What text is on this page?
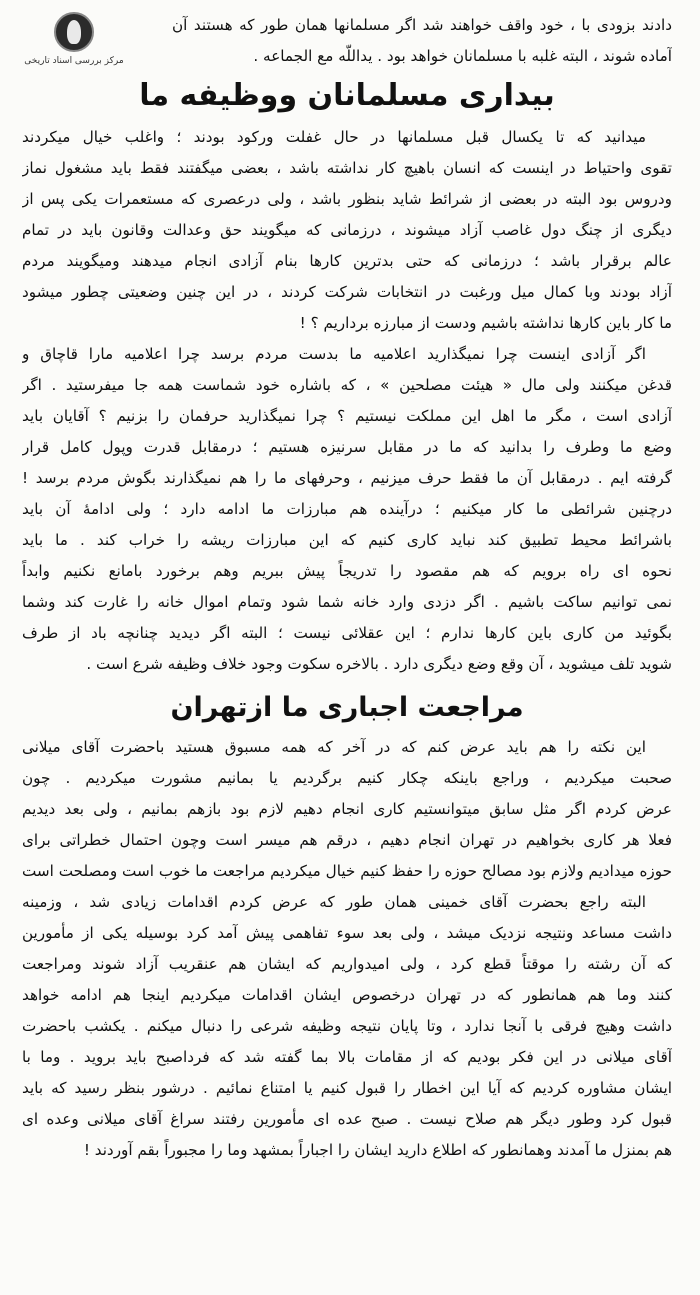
مرکز بررسی اسناد تاریخی
دادند بزودی با ، خود واقف خواهند شد اگر مسلمانها همان طور که هستند آن
آماده شوند ، البته غلبه با مسلمانان خواهد بود . یداللّه مع الجماعه .
بیداری مسلمانان ووظیفه ما
میدانید که تا یکسال قبل مسلمانها در حال غفلت ورکود بودند ؛ واغلب خیال میکردند
تقوی واحتیاط در اینست که انسان باهیچ کار نداشته باشد ، بعضی میگفتند فقط باید مشغول نماز
ودروس بود البته در بعضی از شرائط شاید بنظور باشد ، ولی درعصری که مستعمرات یکی پس از
دیگری از چنگ دول غاصب آزاد میشوند ، درزمانی که میگویند حق وعدالت وقانون باید در تمام
عالم برقرار باشد ؛ درزمانی که حتی بدترین کارها بنام آزادی انجام میدهند ومیگویند مردم
آزاد بودند وبا کمال میل ورغبت در انتخابات شرکت کردند ، در این چنین وضعیتی چطور میشود
ما کار باین کارها نداشته باشیم ودست از مبارزه برداریم ؟ !
اگر آزادی اینست چرا نمیگذارید اعلامیه ما بدست مردم برسد چرا اعلامیه مارا قاچاق و
قدغن میکنند ولی مال « هیئت مصلحین » ، که باشاره خود شماست همه جا میفرستید . اگر
آزادی است ، مگر ما اهل این مملکت نیستیم ؟ چرا نمیگذارید حرفمان را بزنیم ؟ آقایان باید
وضع ما وطرف را بدانید که ما در مقابل سرنیزه هستیم ؛ درمقابل قدرت وپول کامل قرار
گرفته ایم . درمقابل آن ما فقط حرف میزنیم ، وحرفهای ما را هم نمیگذارند بگوش مردم برسد !
درچنین شرائطی ما کار میکنیم ؛ درآینده هم مبارزات ما ادامه دارد ؛ ولی ادامهٔ آن باید
باشرائط محیط تطبیق کند نباید کاری کنیم که این مبارزات ریشه را خراب کند . ما باید
نحوه ای راه برویم که هم مقصود را تدریجاً پیش ببریم وهم برخورد بامانع نکنیم وابداً
نمی توانیم ساکت باشیم . اگر دزدی وارد خانه شما شود وتمام اموال خانه را غارت کند وشما
بگوئید من کاری باین کارها ندارم ؛ این عقلائی نیست ؛ البته اگر دیدید چنانچه باد از طرف
شوید تلف میشوید ، آن وقع وضع دیگری دارد . بالاخره سکوت وجود خلاف وظیفه شرع است .
مراجعت اجباری ما ازتهران
این نکته را هم باید عرض کنم که در آخر که همه مسبوق هستید باحضرت آقای میلانی
صحبت میکردیم ، وراجع باینکه چکار کنیم برگردیم یا بمانیم مشورت میکردیم . چون
عرض کردم اگر مثل سابق میتوانستیم کاری انجام دهیم لازم بود بازهم بمانیم ، ولی بعد دیدیم
فعلا هر کاری بخواهیم در تهران انجام دهیم ، درقم هم میسر است وچون احتمال خطراتی برای
حوزه میدادیم ولازم بود مصالح حوزه را حفظ کنیم خیال میکردیم مراجعت ما خوب است ومصلحت است
البته راجع بحضرت آقای خمینی همان طور که عرض کردم اقدامات زیادی شد ، وزمینه
داشت مساعد ونتیجه نزدیک میشد ، ولی بعد سوء تفاهمی پیش آمد کرد بوسیله یکی از مأمورین
که آن رشته را موقتاً قطع کرد ، ولی امیدواریم که ایشان هم عنقریب آزاد شوند ومراجعت
کنند وما هم همانطور که در تهران درخصوص ایشان اقدامات میکردیم اینجا هم ادامه خواهد
داشت وهیچ فرقی با آنجا ندارد ، وتا پایان نتیجه وظیفه شرعی را دنبال میکنم . یکشب باحضرت
آقای میلانی در این فکر بودیم که از مقامات بالا بما گفته شد که فرداصبح باید بروید . وما با
ایشان مشاوره کردیم که آیا این اخطار را قبول کنیم یا امتناع نمائیم . درشور بنظر رسید که باید
قبول کرد وطور دیگر هم صلاح نیست . صبح عده ای مأمورین رفتند سراغ آقای میلانی وعده ای
هم بمنزل ما آمدند وهمانطور که اطلاع دارید ایشان را اجباراً بمشهد وما را مجبوراً بقم آوردند !
